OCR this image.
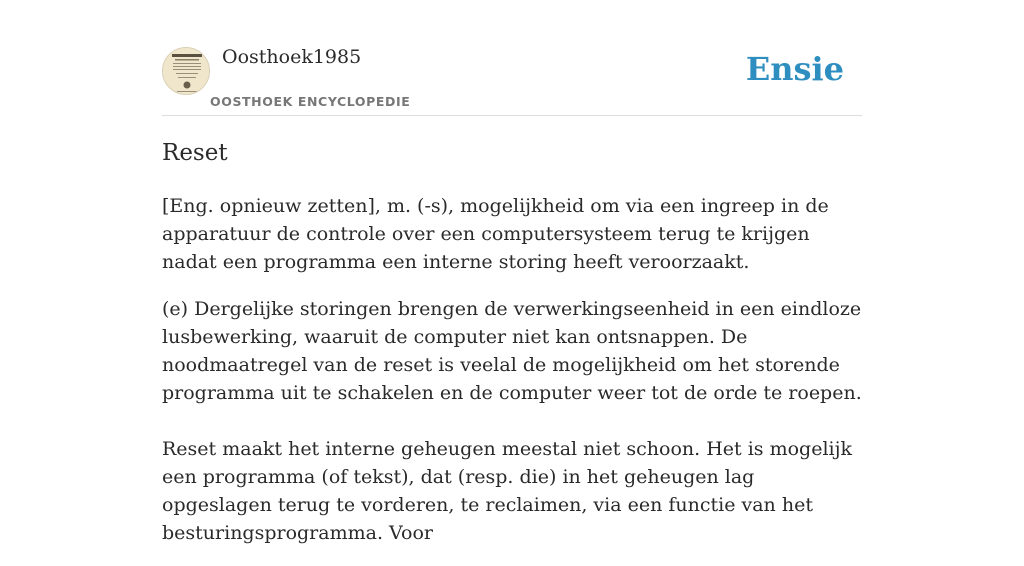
Oosthoek1985
OOSTHOEK ENCYCLOPEDIE
Ensie
Reset

[Eng. opnieuw zetten], m. (-s), mogelijkheid om via een ingreep in de apparatuur de controle over een computersysteem terug te krijgen nadat een programma een interne storing heeft veroorzaakt.

(e) Dergelijke storingen brengen de verwerkingseenheid in een eindloze lusbewerking, waaruit de computer niet kan ontsnappen. De noodmaatregel van de reset is veelal de mogelijkheid om het storende programma uit te schakelen en de computer weer tot de orde te roepen.

Reset maakt het interne geheugen meestal niet schoon. Het is mogelijk een programma (of tekst), dat (resp. die) in het geheugen lag opgeslagen terug te vorderen, te reclaimen, via een functie van het besturingsprogramma. Voor
